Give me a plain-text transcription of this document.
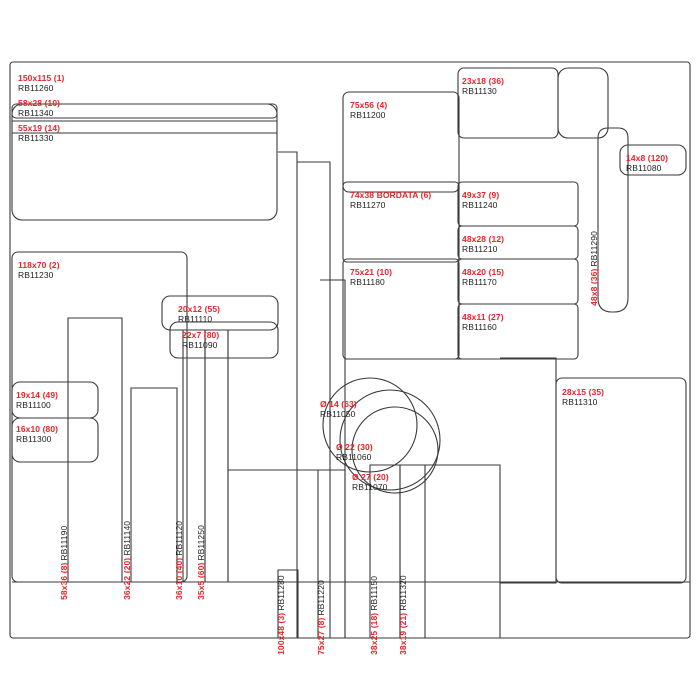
150x115 (1)
RB11260
58x28 (10)
RB11340
55x19 (14)
RB11330
118x70 (2)
RB11230
20x12 (55)
RB11110
22x7 (80)
RB11090
19x14 (49)
RB11100
16x10 (80)
RB11300
75x56 (4)
RB11200
23x18 (36)
RB11130
14x8 (120)
RB11080
74x38 BORDATA (6)
RB11270
49x37 (9)
RB11240
48x28 (12)
RB11210
75x21 (10)
RB11180
48x20 (15)
RB11170
48x11 (27)
RB11160
28x15 (35)
RB11310
Ø 14 (63)
RB11050
Ø 22 (30)
RB11060
Ø 27 (20)
RB11070
48x8 (36)RB11290
58x36 (8)RB11190
36x22 (20)RB11140
36x10 (40)RB11120
35x5 (60)RB11250
100x48 (3)RB11280
75x27 (8)RB11220
38x25 (18)RB11150
38x19 (21)RB11320
